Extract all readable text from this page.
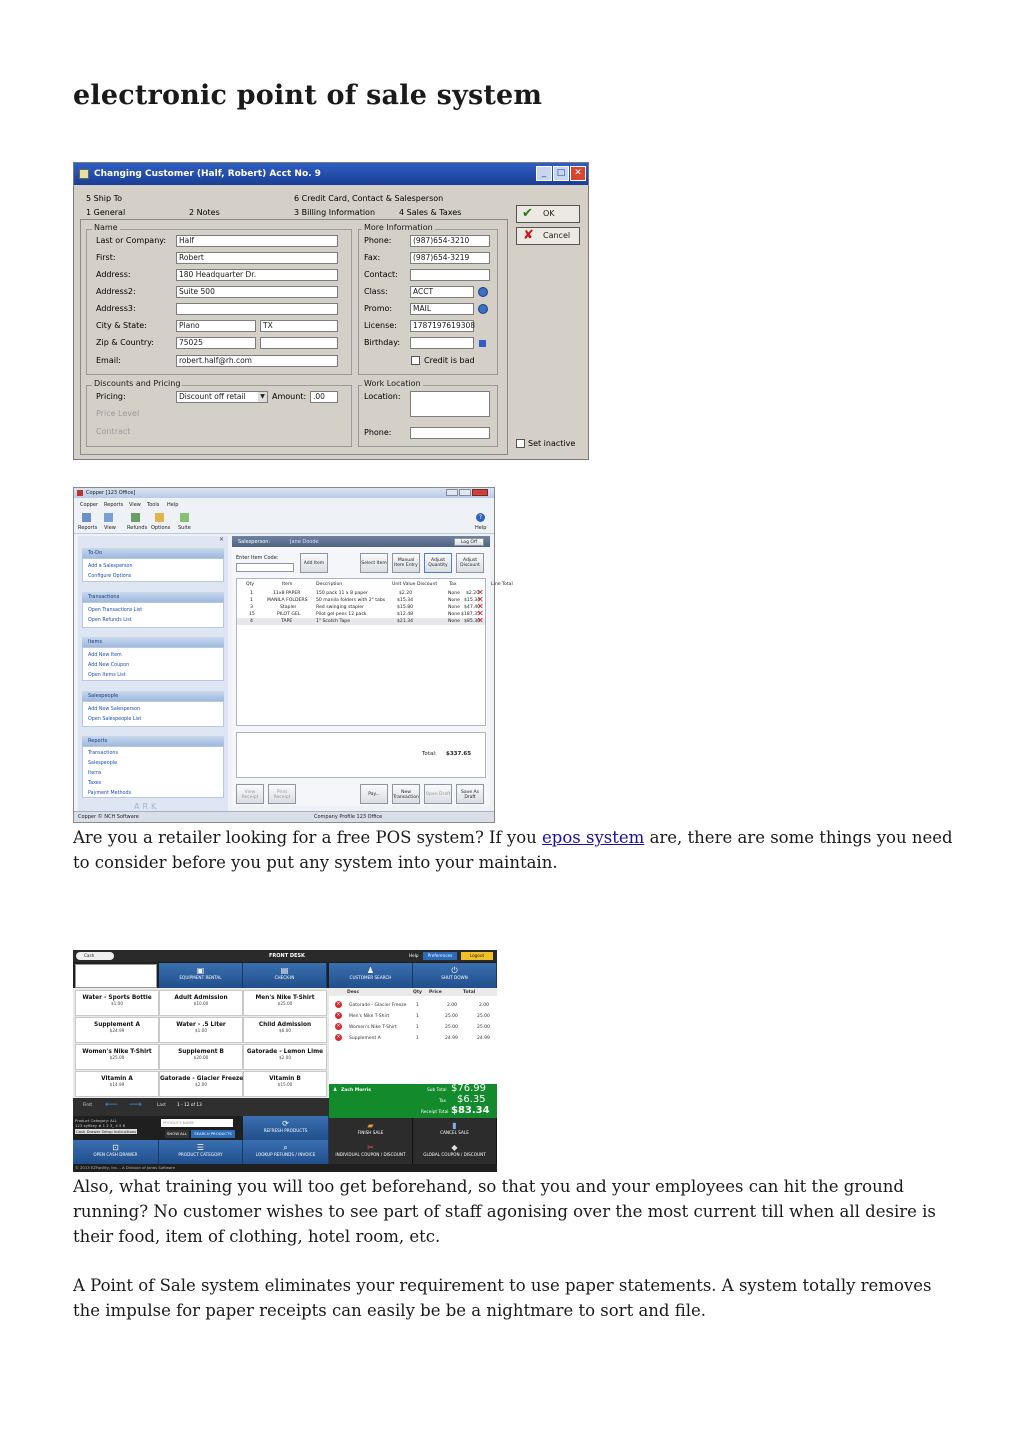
electronic point of sale system
Changing Customer (Half, Robert) Acct No. 9	_	□ ✕
5 Ship To	6 Credit Card, Contact & Salesperson
1 General	2 Notes	3 Billing Information	4 Sales & Taxes
Name
Last or Company:	Half
First:	Robert
Address:	180 Headquarter Dr.
Address2:	Suite 500
Address3:
City & State:	Plano	TX
Zip & Country:	75025
Email:	robert.half@rh.com
More Information
Phone:	(987)654-3210
Fax:	(987)654-3219
Contact:
Class:	ACCT
Promo:	MAIL
License:	1787197619308
Birthday:
Credit is bad
Discounts and Pricing
Pricing:	Discount off retail	▼ Amount: .00
Price Level
Contract
Work Location
Location:
Phone:
✔ OK
✘ Cancel
Set inactive
Copper [123 Office]
Copper Reports View Tools Help
Reports View Refunds Options Suite
?
Help
✕
To-Do
Add a Salesperson
Configure Options
Transactions
Open Transactions List
Open Refunds List
Items
Add New Item
Add New Coupon
Open Items List
Salespeople
Add New Salesperson
Open Salespeople List
Reports
Transactions
Salespeople
Items
Taxes
Payment Methods
Salesperson:	Jane Doode	Log Off
Enter Item Code:
Add Item	Select Item
Manual Item Entry
Adjust Quantity
Adjust Discount
Qty	Item	Description	Unit Value Discount	Tax	Line Total
1	11x8 PAPER	150 pack 11 x 8 paper	$2.20	None $2.20
✕
1	MANILA FOLDERS 50 manila folders with 2" tabs	$15.34	None $15.34
✕
3	Stapler	Red swinging stapler	$15.80	None $47.40
✕
15	PILOT GEL	Pilot gel pens 12 pack	$12.48	None $187.35
✕
4	TAPE	1" Scotch Tape	$21.34	None $85.36
✕
Total: $337.65
View Receipt
Print Receipt
Pay...	New Transaction
Open Draft	Save As Draft
ARK
Copper © NCH Software	Company Profile 123 Office
Cash	FRONT DESK	Help	Preferences	Logout
▣
EQUIPMENT RENTAL
▤
CHECK-IN
♟
CUSTOMER SEARCH
⏻
SHUT DOWN
Water - Sports Bottle
$1.00
Adult Admission
$10.00
Men's Nike T-Shirt
$25.00
Supplement A
$24.99
Water - .5 Liter
$1.00
Child Admission
$6.00
Women's Nike T-Shirt
$25.00
Supplement B
$20.00
Gatorade - Lemon Lime
$2.00
Vitamin A
$14.99
Gatorade - Glacier Freeze
$2.00
Vitamin B
$15.00
Desc	Qty Price	Total
×	Gatorade - Glacier Freeze 1	2.00	2.00
×	Men's Nike T-Shirt	1	25.00	25.00
×	Women's Nike T-Shirt	1	25.00	25.00
×	Supplement A	1	24.99	24.99
♟ Zach Morris	Sub Total $76.99
Tax $6.35
Receipt Total $83.34
First ⟵ ⟶	Last	1 - 12 of 13
Product Category: ALL
123 xyfilley # 1 2 3_ 4 5 6
Cash Drawer Setup Instructions
PRODUCT NAME
SHOW ALL	SEARCH PRODUCTS
⟳
REFRESH PRODUCTS
▰
FINISH SALE
▮
CANCEL SALE
⊡
OPEN CASH DRAWER
☰
PRODUCT CATEGORY
⌕
LOOKUP REFUNDS / INVOICE
✂
INDIVIDUAL COUPON / DISCOUNT
◆
GLOBAL COUPON / DISCOUNT
© 2013 EZFacility, Inc. - A Division of Jonas Software
Are you a retailer looking for a free POS system? If you epos system are, there are some things you need to consider before you put any system into your maintain.
Also, what training you will too get beforehand, so that you and your employees can hit the ground running? No customer wishes to see part of staff agonising over the most current till when all desire is their food, item of clothing, hotel room, etc.
A Point of Sale system eliminates your requirement to use paper statements. A system totally removes the impulse for paper receipts can easily be be a nightmare to sort and file.
